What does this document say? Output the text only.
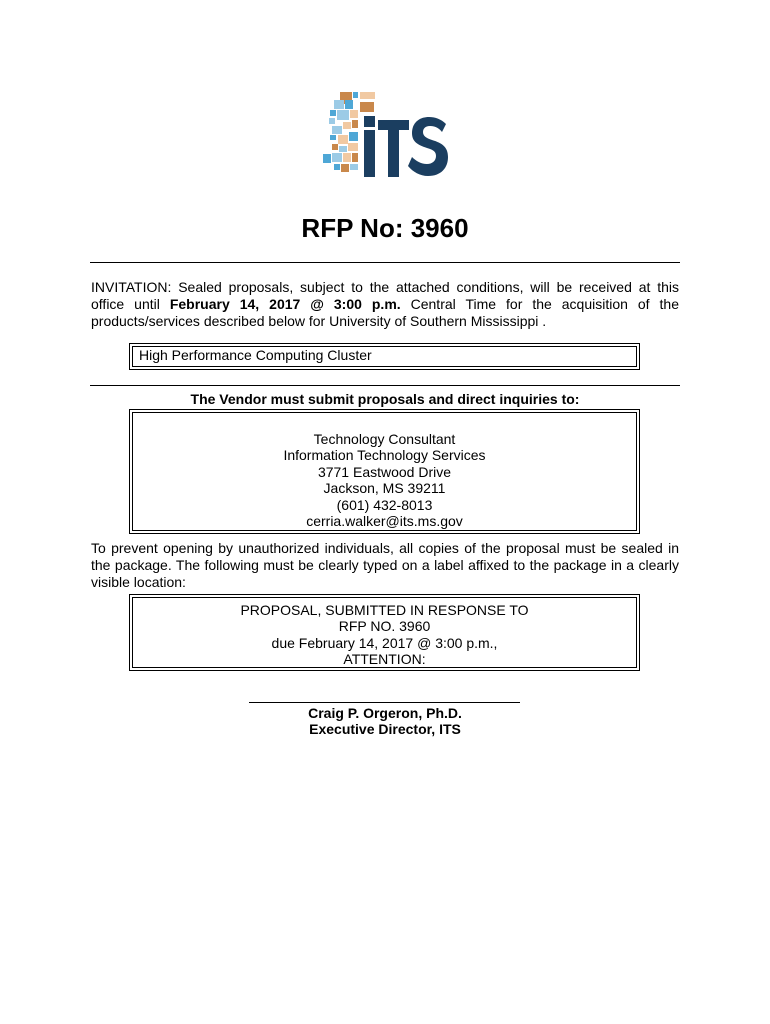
RFP No: 3960

INVITATION: Sealed proposals, subject to the attached conditions, will be received at this office until February 14, 2017 @ 3:00 p.m. Central Time for the acquisition of the products/services described below for University of Southern Mississippi .

High Performance Computing Cluster
The Vendor must submit proposals and direct inquiries to:
Technology Consultant
Information Technology Services
3771 Eastwood Drive
Jackson, MS 39211
(601) 432-8013
cerria.walker@its.ms.gov

To prevent opening by unauthorized individuals, all copies of the proposal must be sealed in the package. The following must be clearly typed on a label affixed to the package in a clearly visible location:

PROPOSAL, SUBMITTED IN RESPONSE TO
RFP NO. 3960
due February 14, 2017 @ 3:00 p.m.,
ATTENTION:
Craig P. Orgeron, Ph.D.
Executive Director, ITS
